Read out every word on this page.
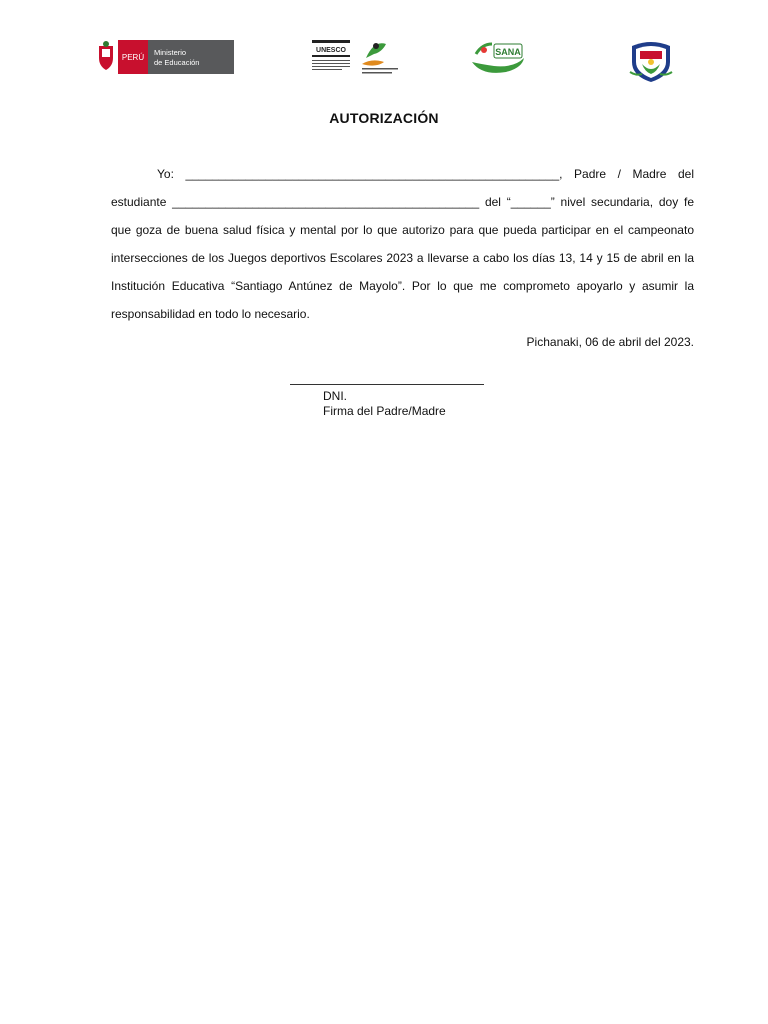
PERÚ
Ministerio
de Educación
UNESCO	SANA
AUTORIZACIÓN

Yo: ________________________________________________________, Padre / Madre del estudiante ______________________________________________ del “______” nivel secundaria, doy fe que goza de buena salud física y mental por lo que autorizo para que pueda participar en el campeonato intersecciones de los Juegos deportivos Escolares 2023 a llevarse a cabo los días 13, 14 y 15 de abril en la Institución Educativa “Santiago Antúnez de Mayolo”. Por lo que me comprometo apoyarlo y asumir la responsabilidad en todo lo necesario.

Pichanaki, 06 de abril del 2023.

DNI.
Firma del Padre/Madre
